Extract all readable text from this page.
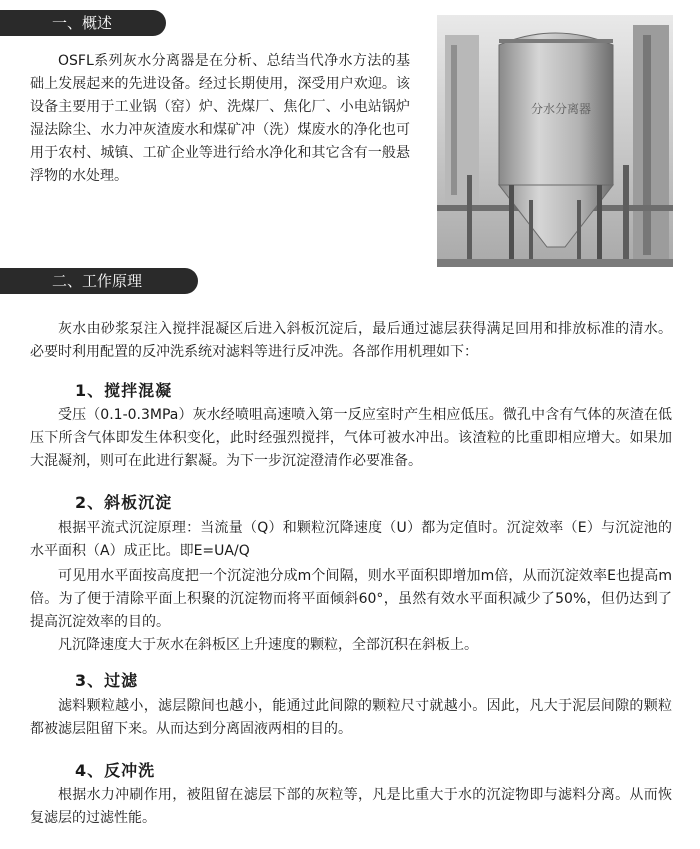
一、概述

OSFL系列灰水分离器是在分析、总结当代净水方法的基础上发展起来的先进设备。经过长期使用，深受用户欢迎。该设备主要用于工业锅（窑）炉、洗煤厂、焦化厂、小电站锅炉湿法除尘、水力冲灰渣废水和煤矿冲（洗）煤废水的净化也可用于农村、城镇、工矿企业等进行给水净化和其它含有一般悬浮物的水处理。

分水分离器
二、工作原理

灰水由砂浆泵注入搅拌混凝区后进入斜板沉淀后，最后通过滤层获得满足回用和排放标准的清水。必要时利用配置的反冲洗系统对滤料等进行反冲洗。各部作用机理如下：

1、搅拌混凝

受压（0.1-0.3MPa）灰水经喷咀高速喷入第一反应室时产生相应低压。微孔中含有气体的灰渣在低压下所含气体即发生体积变化，此时经强烈搅拌，气体可被水冲出。该渣粒的比重即相应增大。如果加大混凝剂，则可在此进行絮凝。为下一步沉淀澄清作必要准备。

2、斜板沉淀

根据平流式沉淀原理：当流量（Q）和颗粒沉降速度（U）都为定值时。沉淀效率（E）与沉淀池的水平面积（A）成正比。即E=UA/Q

可见用水平面按高度把一个沉淀池分成m个间隔，则水平面积即增加m倍，从而沉淀效率E也提高m倍。为了便于清除平面上积聚的沉淀物而将平面倾斜60°，虽然有效水平面积减少了50%，但仍达到了提高沉淀效率的目的。

凡沉降速度大于灰水在斜板区上升速度的颗粒，全部沉积在斜板上。

3、过滤

滤料颗粒越小，滤层隙间也越小，能通过此间隙的颗粒尺寸就越小。因此，凡大于泥层间隙的颗粒都被滤层阻留下来。从而达到分离固液两相的目的。

4、反冲洗

根据水力冲刷作用，被阻留在滤层下部的灰粒等，凡是比重大于水的沉淀物即与滤料分离。从而恢复滤层的过滤性能。
